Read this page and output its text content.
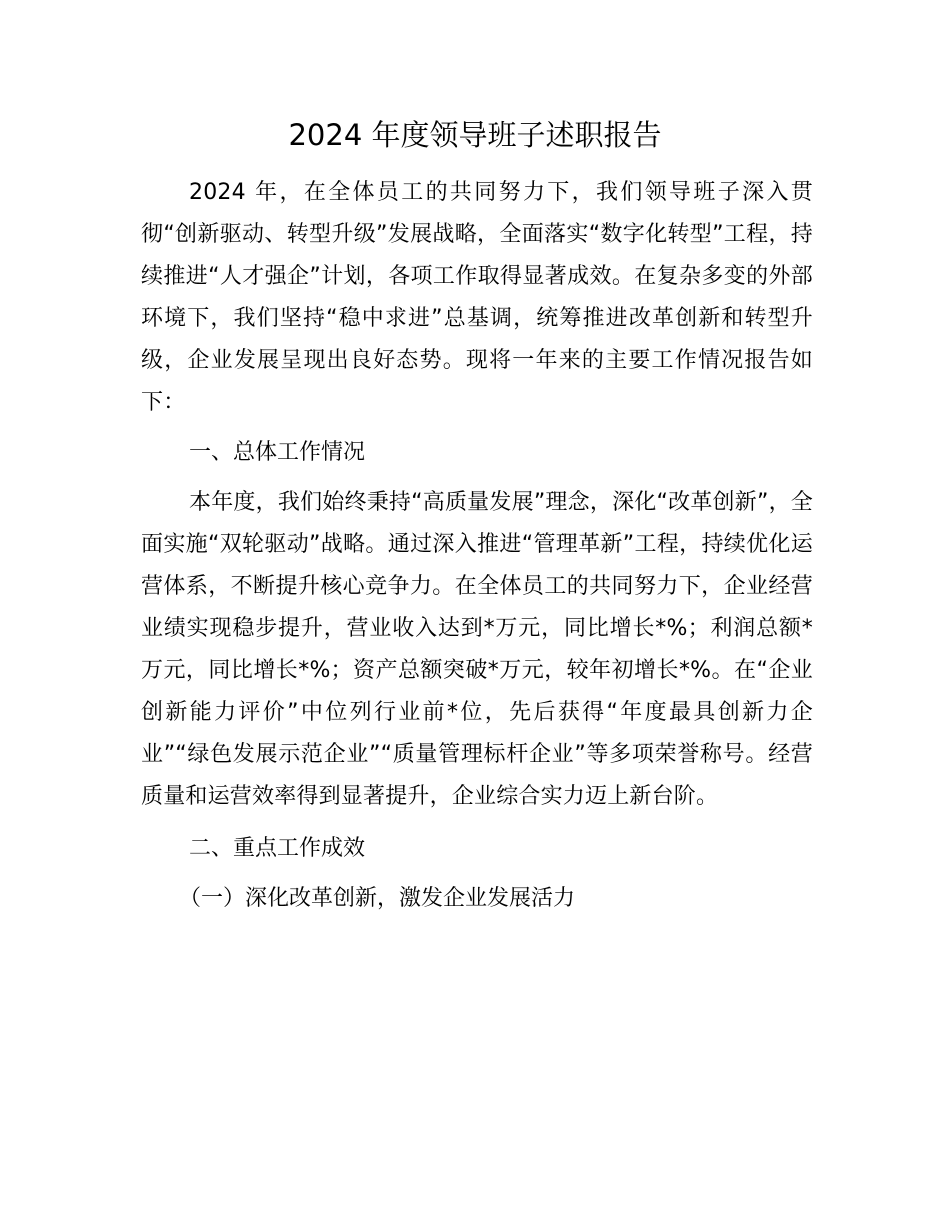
2024 年度领导班子述职报告

2024 年，在全体员工的共同努力下，我们领导班子深入贯彻“创新驱动、转型升级”发展战略，全面落实“数字化转型”工程，持续推进“人才强企”计划，各项工作取得显著成效。在复杂多变的外部环境下，我们坚持“稳中求进”总基调，统筹推进改革创新和转型升级，企业发展呈现出良好态势。现将一年来的主要工作情况报告如下：

一、总体工作情况

本年度，我们始终秉持“高质量发展”理念，深化“改革创新”，全面实施“双轮驱动”战略。通过深入推进“管理革新”工程，持续优化运营体系，不断提升核心竞争力。在全体员工的共同努力下，企业经营业绩实现稳步提升，营业收入达到*万元，同比增长*%；利润总额*万元，同比增长*%；资产总额突破*万元，较年初增长*%。在“企业创新能力评价”中位列行业前*位，先后获得“年度最具创新力企业”“绿色发展示范企业”“质量管理标杆企业”等多项荣誉称号。经营质量和运营效率得到显著提升，企业综合实力迈上新台阶。

二、重点工作成效

（一）深化改革创新，激发企业发展活力
